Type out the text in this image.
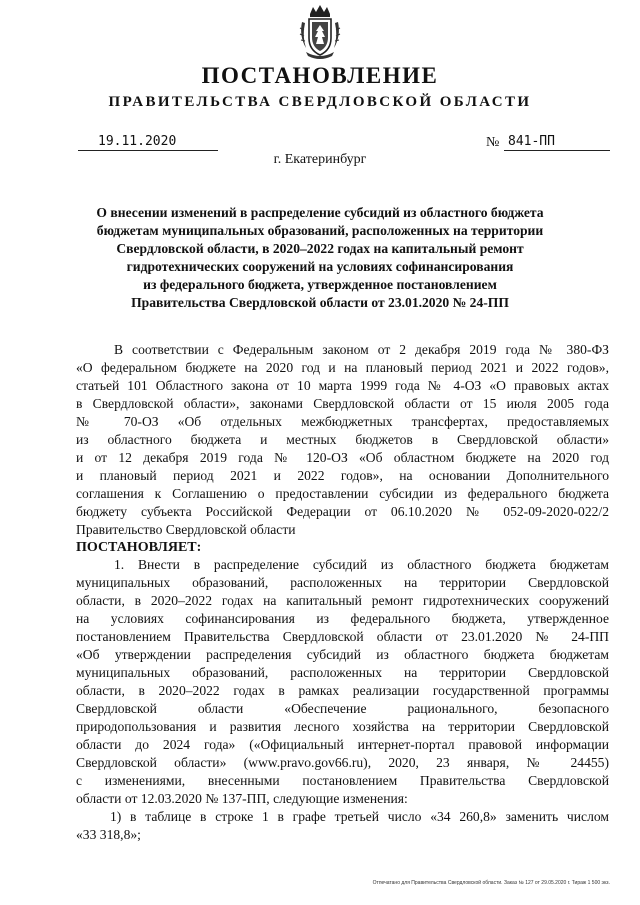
ПОСТАНОВЛЕНИЕ
ПРАВИТЕЛЬСТВА СВЕРДЛОВСКОЙ ОБЛАСТИ
19.11.2020	№ 841-ПП
г. Екатеринбург
О внесении изменений в распределение субсидий из областного бюджета
бюджетам муниципальных образований, расположенных на территории
Свердловской области, в 2020–2022 годах на капитальный ремонт
гидротехнических сооружений на условиях софинансирования
из федерального бюджета, утвержденное постановлением
Правительства Свердловской области от 23.01.2020 № 24-ПП

В соответствии с Федеральным законом от 2 декабря 2019 года № 380-ФЗ
«О федеральном бюджете на 2020 год и на плановый период 2021 и 2022 годов»,
статьей 101 Областного закона от 10 марта 1999 года № 4-ОЗ «О правовых актах
в Свердловской области», законами Свердловской области от 15 июля 2005 года
№ 70-ОЗ «Об отдельных межбюджетных трансфертах, предоставляемых
из областного бюджета и местных бюджетов в Свердловской области»
и от 12 декабря 2019 года № 120-ОЗ «Об областном бюджете на 2020 год
и плановый период 2021 и 2022 годов», на основании Дополнительного
соглашения к Соглашению о предоставлении субсидии из федерального бюджета
бюджету субъекта Российской Федерации от 06.10.2020 № 052-09-2020-022/2
Правительство Свердловской области

ПОСТАНОВЛЯЕТ:

1. Внести в распределение субсидий из областного бюджета бюджетам
муниципальных образований, расположенных на территории Свердловской
области, в 2020–2022 годах на капитальный ремонт гидротехнических сооружений
на условиях софинансирования из федерального бюджета, утвержденное
постановлением Правительства Свердловской области от 23.01.2020 № 24-ПП
«Об утверждении распределения субсидий из областного бюджета бюджетам
муниципальных образований, расположенных на территории Свердловской
области, в 2020–2022 годах в рамках реализации государственной программы
Свердловской области «Обеспечение рационального, безопасного
природопользования и развития лесного хозяйства на территории Свердловской
области до 2024 года» («Официальный интернет-портал правовой информации
Свердловской области» (www.pravo.gov66.ru), 2020, 23 января, № 24455)
с изменениями, внесенными постановлением Правительства Свердловской
области от 12.03.2020 № 137-ПП, следующие изменения:

1) в таблице в строке 1 в графе третьей число «34 260,8» заменить числом
«33 318,8»;

Отпечатано для Правительства Свердловской области. Заказ № 127 от 29.05.2020 г. Тираж 1 500 экз.
